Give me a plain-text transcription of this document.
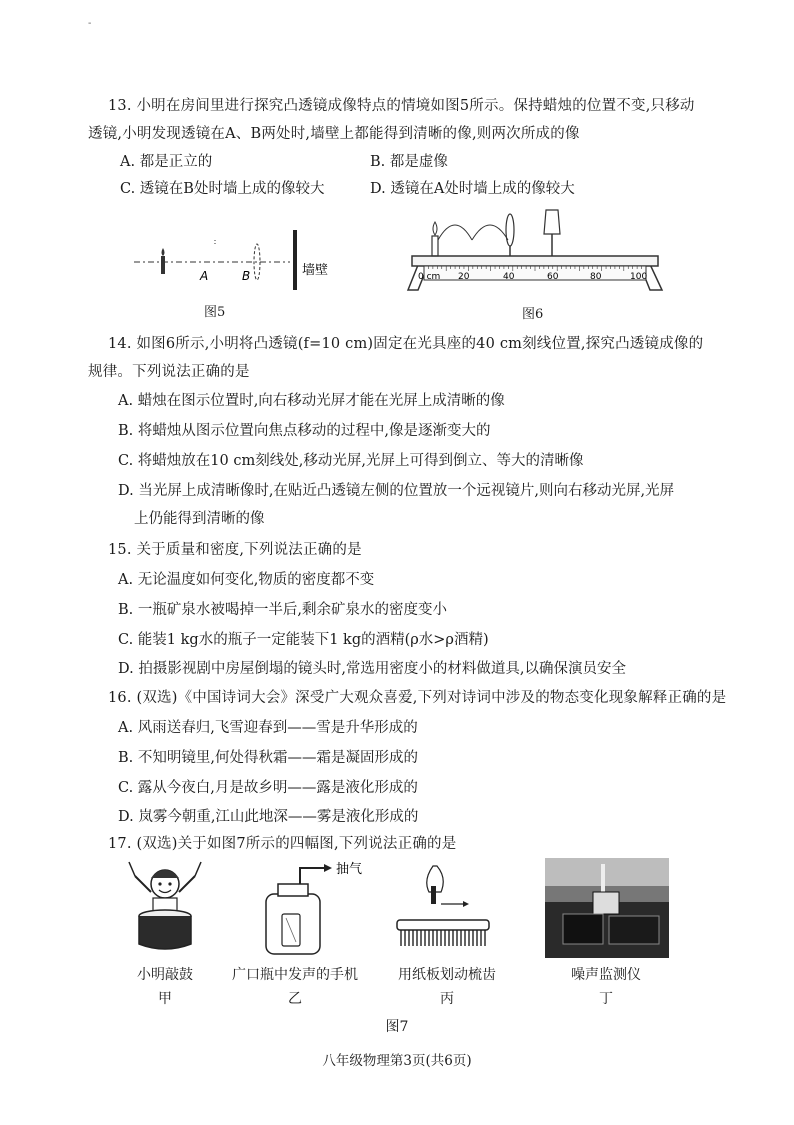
-
13. 小明在房间里进行探究凸透镜成像特点的情境如图5所示。保持蜡烛的位置不变,只移动
透镜,小明发现透镜在A、B两处时,墙壁上都能得到清晰的像,则两次所成的像
A. 都是正立的	B. 都是虚像
C. 透镜在B处时墙上成的像较大	D. 透镜在A处时墙上成的像较大
A	B	墙壁
图5
0 cm 20	40	60	80	100
图6
14. 如图6所示,小明将凸透镜(f=10 cm)固定在光具座的40 cm刻线位置,探究凸透镜成像的
规律。下列说法正确的是
A. 蜡烛在图示位置时,向右移动光屏才能在光屏上成清晰的像
B. 将蜡烛从图示位置向焦点移动的过程中,像是逐渐变大的
C. 将蜡烛放在10 cm刻线处,移动光屏,光屏上可得到倒立、等大的清晰像
D. 当光屏上成清晰像时,在贴近凸透镜左侧的位置放一个远视镜片,则向右移动光屏,光屏
上仍能得到清晰的像
15. 关于质量和密度,下列说法正确的是
A. 无论温度如何变化,物质的密度都不变
B. 一瓶矿泉水被喝掉一半后,剩余矿泉水的密度变小
C. 能装1 kg水的瓶子一定能装下1 kg的酒精(ρ水>ρ酒精)
D. 拍摄影视剧中房屋倒塌的镜头时,常选用密度小的材料做道具,以确保演员安全
16. (双选)《中国诗词大会》深受广大观众喜爱,下列对诗词中涉及的物态变化现象解释正确的是
A. 风雨送春归,飞雪迎春到——雪是升华形成的
B. 不知明镜里,何处得秋霜——霜是凝固形成的
C. 露从今夜白,月是故乡明——露是液化形成的
D. 岚雾今朝重,江山此地深——雾是液化形成的
17. (双选)关于如图7所示的四幅图,下列说法正确的是
抽气
小明敲鼓	广口瓶中发声的手机	用纸板划动梳齿	噪声监测仪
甲	乙	丙	丁
图7
八年级物理第3页(共6页)
